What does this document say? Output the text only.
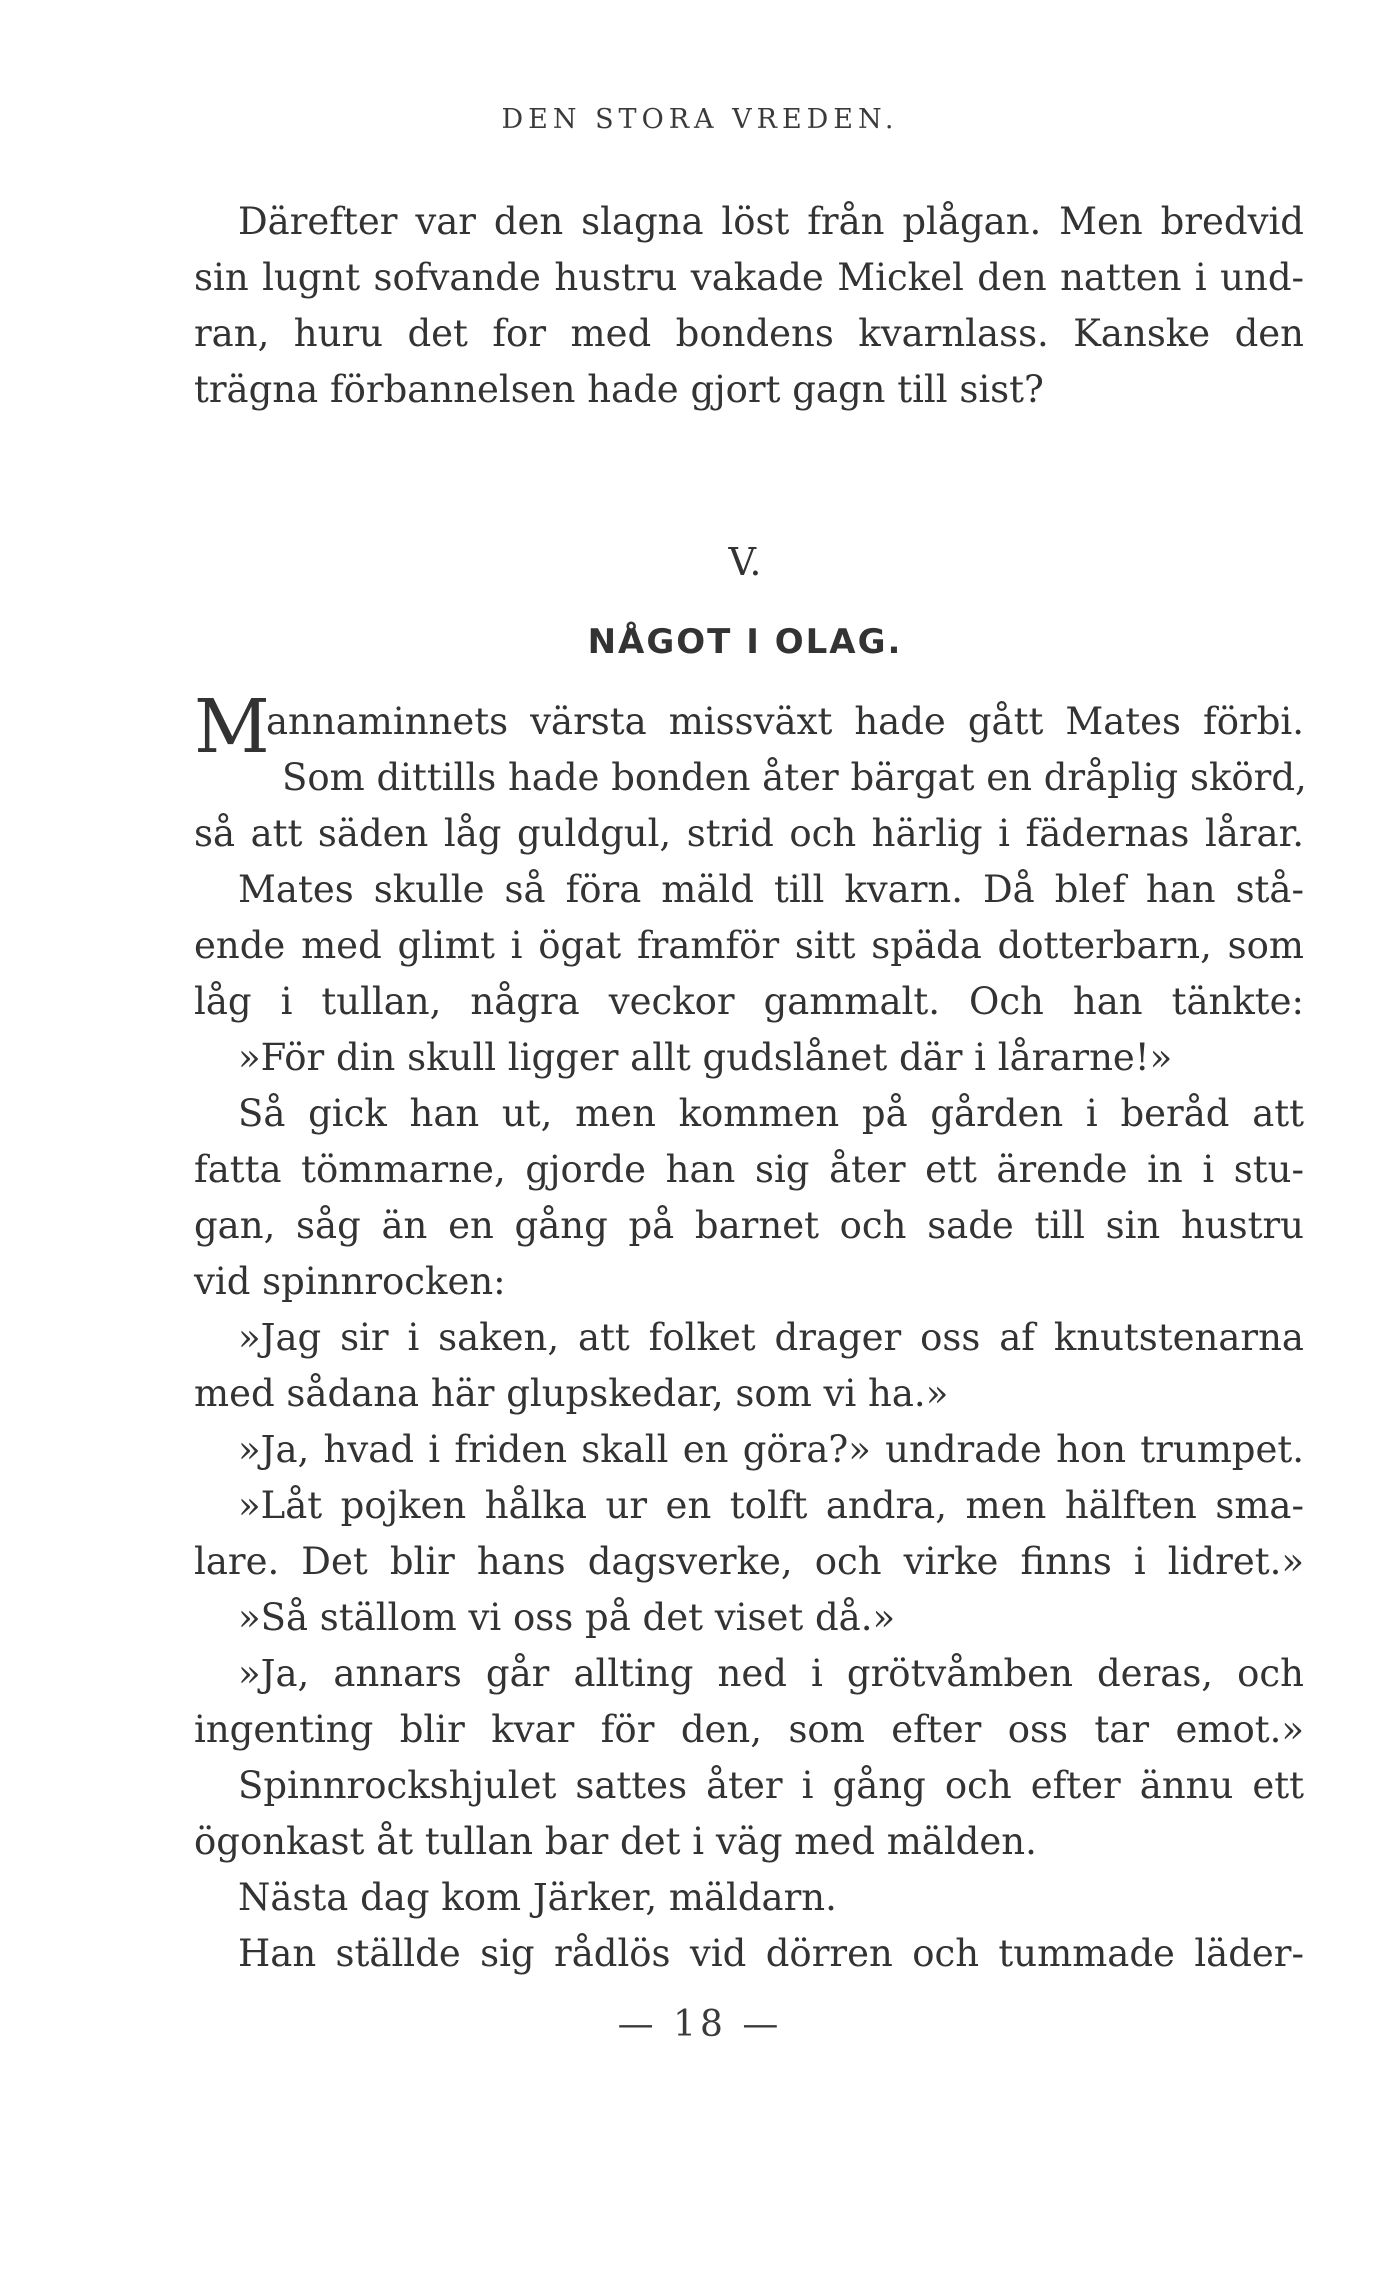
DEN STORA VREDEN.
Därefter var den slagna löst från plågan. Men bredvid
sin lugnt sofvande hustru vakade Mickel den natten i und-
ran, huru det for med bondens kvarnlass. Kanske den
trägna förbannelsen hade gjort gagn till sist?
V.
NÅGOT I OLAG.
M
annaminnets värsta missväxt hade gått Mates förbi.
Som dittills hade bonden åter bärgat en dråplig skörd,
så att säden låg guldgul, strid och härlig i fädernas lårar.
Mates skulle så föra mäld till kvarn. Då blef han stå-
ende med glimt i ögat framför sitt späda dotterbarn, som
låg i tullan, några veckor gammalt. Och han tänkte:
»För din skull ligger allt gudslånet där i lårarne!»
Så gick han ut, men kommen på gården i beråd att
fatta tömmarne, gjorde han sig åter ett ärende in i stu-
gan, såg än en gång på barnet och sade till sin hustru
vid spinnrocken:
»Jag sir i saken, att folket drager oss af knutstenarna
med sådana här glupskedar, som vi ha.»
»Ja, hvad i friden skall en göra?» undrade hon trumpet.
»Låt pojken hålka ur en tolft andra, men hälften sma-
lare. Det blir hans dagsverke, och virke finns i lidret.»
»Så ställom vi oss på det viset då.»
»Ja, annars går allting ned i grötvåmben deras, och
ingenting blir kvar för den, som efter oss tar emot.»
Spinnrockshjulet sattes åter i gång och efter ännu ett
ögonkast åt tullan bar det i väg med mälden.
Nästa dag kom Järker, mäldarn.
Han ställde sig rådlös vid dörren och tummade läder-
— 18 —
